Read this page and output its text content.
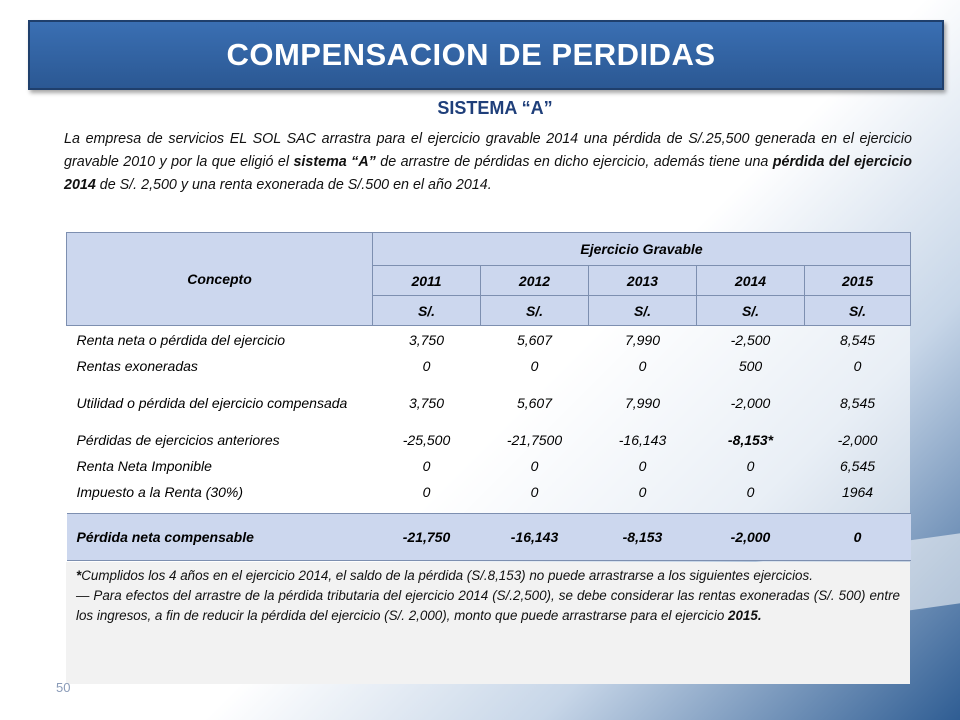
COMPENSACION DE PERDIDAS
SISTEMA “A”
La empresa de servicios EL SOL SAC arrastra para el ejercicio gravable 2014 una pérdida de S/.25,500 generada en el ejercicio gravable 2010 y por la que eligió el sistema “A” de arrastre de pérdidas en dicho ejercicio, además tiene una pérdida del ejercicio 2014 de S/. 2,500 y una renta exonerada de S/.500 en el año 2014.
Concepto	Ejercicio Gravable				
	2011	2012	2013	2014	2015
	S/.	S/.	S/.	S/.	S/.
Renta neta o pérdida del ejercicio	3,750	5,607	7,990	-2,500	8,545
Rentas exoneradas	0	0	0	500	0
Utilidad o pérdida del ejercicio compensada	3,750	5,607	7,990	-2,000	8,545
Pérdidas de ejercicios anteriores	-25,500	-21,7500	-16,143	-8,153*	-2,000
Renta Neta Imponible	0	0	0	0	6,545
Impuesto a la Renta (30%)	0	0	0	0	1964

Pérdida neta compensable	-21,750	-16,143	-8,153	-2,000	0

*Cumplidos los 4 años en el ejercicio 2014, el saldo de la pérdida (S/.8,153) no puede arrastrarse a los siguientes ejercicios.

— Para efectos del arrastre de la pérdida tributaria del ejercicio 2014 (S/.2,500), se debe considerar las rentas exoneradas (S/. 500) entre los ingresos, a fin de reducir la pérdida del ejercicio (S/. 2,000), monto que puede arrastrarse para el ejercicio 2015.

50
